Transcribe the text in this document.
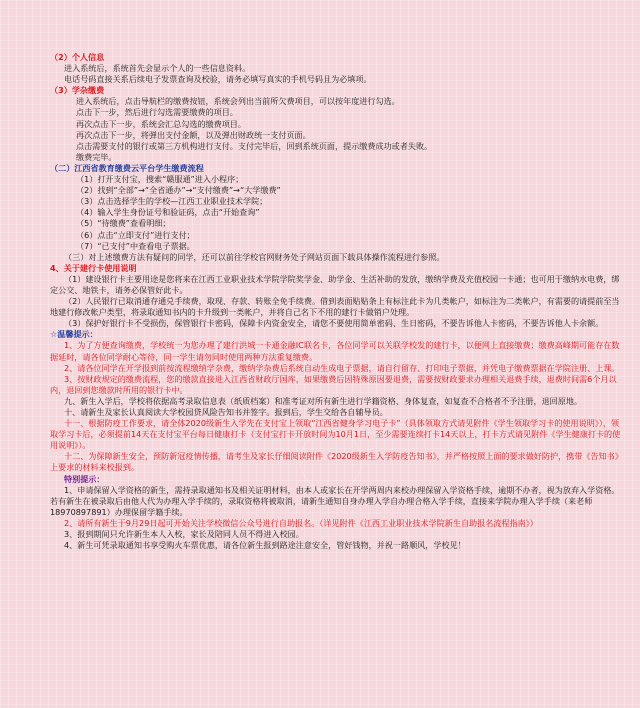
（2）个人信息
进入系统后，系统首先会显示个人的一些信息资料。
电话号码直接关系后续电子发票查询及校验，请务必填写真实的手机号码且为必填项。
（3）学杂缴费
进入系统后，点击导航栏的缴费按钮，系统会列出当前所欠费项目，可以按年度进行勾选。
点击下一步，然后进行勾选需要缴费的项目。
再次点击下一步，系统会汇总勾选的缴费项目。
再次点击下一步，将弹出支付金额，以及弹出财政统一支付页面。
点击需要支付的银行或第三方机构进行支付。支付完毕后，回到系统页面，提示缴费成功或者失败。
缴费完毕。
（二）江西省教育缴费云平台学生缴费流程
（1）打开支付宝，搜索“赣服通”进入小程序；
（2）找到“全部”→“全省通办”→“支付缴费”→“大学缴费”
（3）点击选择学生的学校—江西工业职业技术学院；
（4）输入学生身份证号和验证码，点击“开始查询”
（5）“待缴费”查看明细；
（6）点击“立即支付”进行支付；
（7）“已支付”中查看电子票据。
（三）对上述缴费方法有疑问的同学，还可以前往学校官网财务处子网站页面下载具体操作流程进行参照。
4、关于建行卡使用说明
（1）建设银行卡主要用途是您将来在江西工业职业技术学院学院奖学金、助学金、生活补助的发放，缴纳学费及充值校园一卡通；也可用于缴纳水电费，绑定公交、地铁卡，请务必保管好此卡。
（2）人民银行已取消通存通兑手续费，取现、存款、转账全免手续费。借到表面贴贴条上有标注此卡为几类帐户，如标注为二类帐户，有需要的请提前至当地建行修改帐户类型，将录取通知书内的卡升级到一类帐户，并将自己名下不用的建行卡做销户处理。
（3）保护好银行卡不受损伤，保管银行卡密码，保障卡内资金安全，请您不要使用简单密码、生日密码，不要告诉他人卡密码，不要告诉他人卡余额。
☆温馨提示：
1、为了方便查询缴费，学校统一为您办理了建行洪城一卡通金融IC联名卡，各位同学可以关联学校发的建行卡，以便网上直接缴费；缴费高峰期可能存在数据延时，请各位同学耐心等待，同一学生请勿同时使用两种方法重复缴费。
2、请各位同学在开学报到前按流程缴纳学杂费，缴纳学杂费后系统自动生成电子票据，请自行留存、打印电子票据，并凭电子缴费票据在学院注册、上课。
3、按财政规定的缴费流程，您的缴款直接进入江西省财政厅国库，如果缴费后因特殊原因要退费，需要按财政要求办理相关退费手续，退费时间需6个月以内，退回到您缴款时所用的银行卡中。
九、新生入学后，学校将依据高考录取信息表（纸质档案）和准考证对所有新生进行学籍资格、身体复查，如复查不合格者不予注册，退回原地。
十、请新生及家长认真阅读大学校园贷风险告知书并签字。报到后，学生交给各自辅导员。
十一、根据防疫工作要求，请全体2020级新生入学先在支付宝上领取“江西省健身学习电子卡”（具体领取方式请见附件《学生领取学习卡的使用说明》），领取学习卡后，必须提前14天在支付宝平台每日健康打卡（支付宝打卡开放时间为10月1日，至少需要连续打卡14天以上，打卡方式请见附件《学生健康打卡的使用说明》）。
十二、为保障新生安全，预防新冠疫情传播，请考生及家长仔细阅读附件《2020级新生入学防疫告知书》，并严格按照上面的要求做好防护，携带《告知书》上要求的材料来校报到。
特别提示：
1、申请保留入学资格的新生，需持录取通知书及相关证明材料，由本人或家长在开学两周内来校办理保留入学资格手续，逾期不办者，视为放弃入学资格。若有新生在被录取后由他人代为办理入学手续的，录取资格将被取消，请新生通知自身办理入学自办理合格入学手续，直接来学院办理入学手续（来老师18970897891）办理保留学籍手续。
2、请所有新生于9月29日起可开始关注学校微信公众号进行自助报名。（详见附件《江西工业职业技术学院新生自助报名流程指南》）
3、报到期间只允许新生本人入校，家长及陪同人员不得进入校园。
4、新生可凭录取通知书享受购火车票优惠，请各位新生报到路途注意安全，管好钱物，并祝一路顺风，学校见！
